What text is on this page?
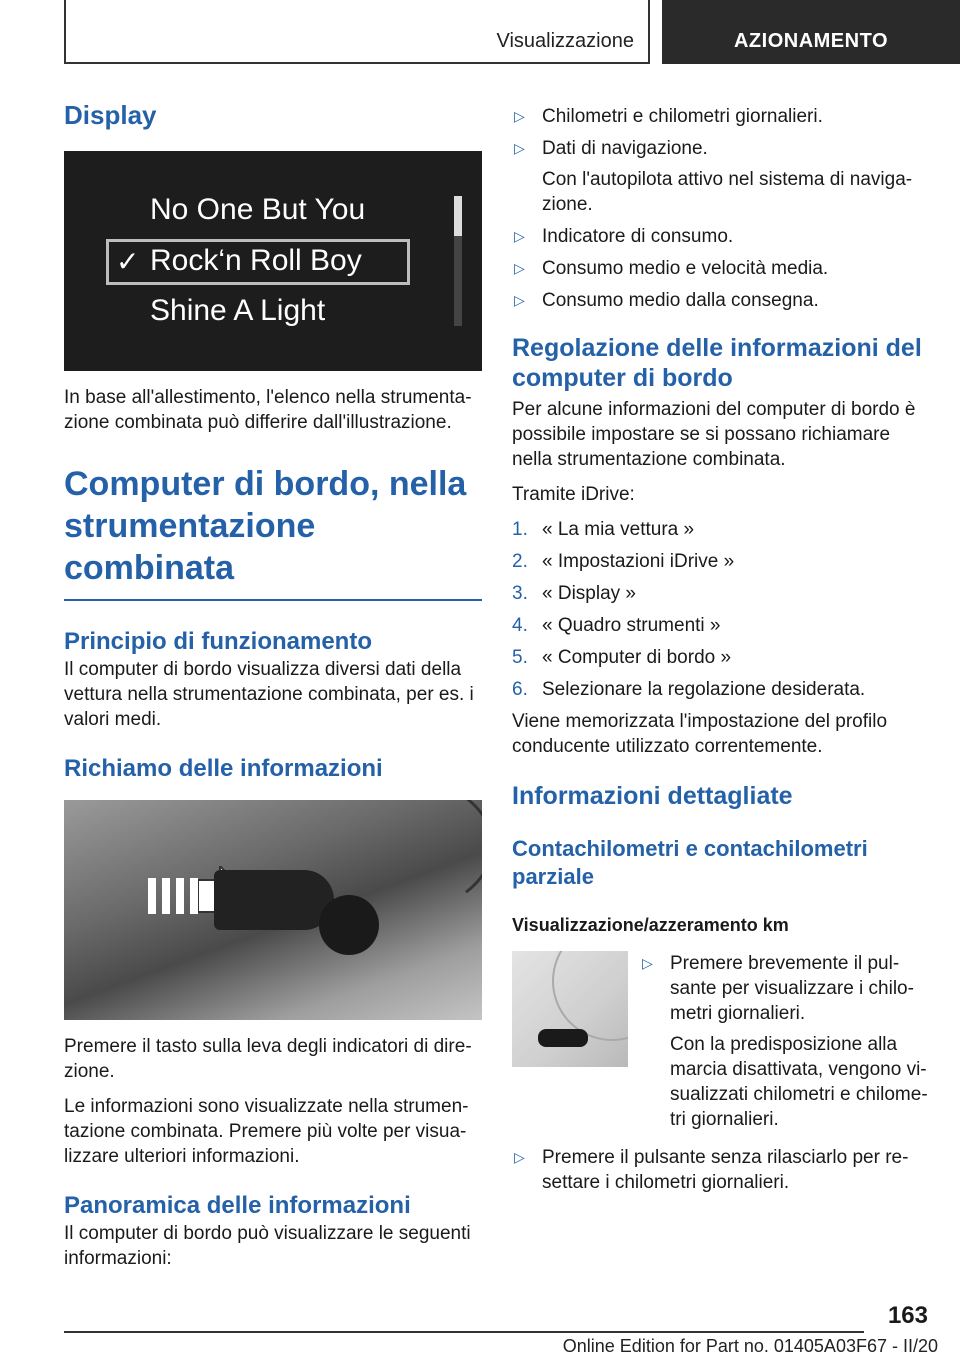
Visualizzazione	AZIONAMENTO
Display
No One But You
✓ Rock‘n Roll Boy
Shine A Light

In base all'allestimento, l'elenco nella strumentazione combinata può differire dall'illustrazione.

Computer di bordo, nella strumentazione combinata
Principio di funzionamento

Il computer di bordo visualizza diversi dati della vettura nella strumentazione combinata, per es. i valori medi.

Richiamo delle informazioni

Premere il tasto sulla leva degli indicatori di direzione.

Le informazioni sono visualizzate nella strumentazione combinata. Premere più volte per visualizzare ulteriori informazioni.

Panoramica delle informazioni

Il computer di bordo può visualizzare le seguenti informazioni:

▷ Chilometri e chilometri giornalieri.
▷ Dati di navigazione.
Con l'autopilota attivo nel sistema di navigazione.
▷ Indicatore di consumo.
▷ Consumo medio e velocità media.
▷ Consumo medio dalla consegna.
Regolazione delle informazioni del computer di bordo

Per alcune informazioni del computer di bordo è possibile impostare se si possano richiamare nella strumentazione combinata.

Tramite iDrive:

1. « La mia vettura »
2. « Impostazioni iDrive »
3. « Display »
4. « Quadro strumenti »
5. « Computer di bordo »
6. Selezionare la regolazione desiderata.

Viene memorizzata l'impostazione del profilo conducente utilizzato correntemente.

Informazioni dettagliate
Contachilometri e contachilometri parziale
Visualizzazione/azzeramento km
▷ Premere brevemente il pulsante per visualizzare i chilometri giornalieri.
Con la predisposizione alla marcia disattivata, vengono visualizzati chilometri e chilometri giornalieri.
▷ Premere il pulsante senza rilasciarlo per resettare i chilometri giornalieri.
163
Online Edition for Part no. 01405A03F67 - II/20
